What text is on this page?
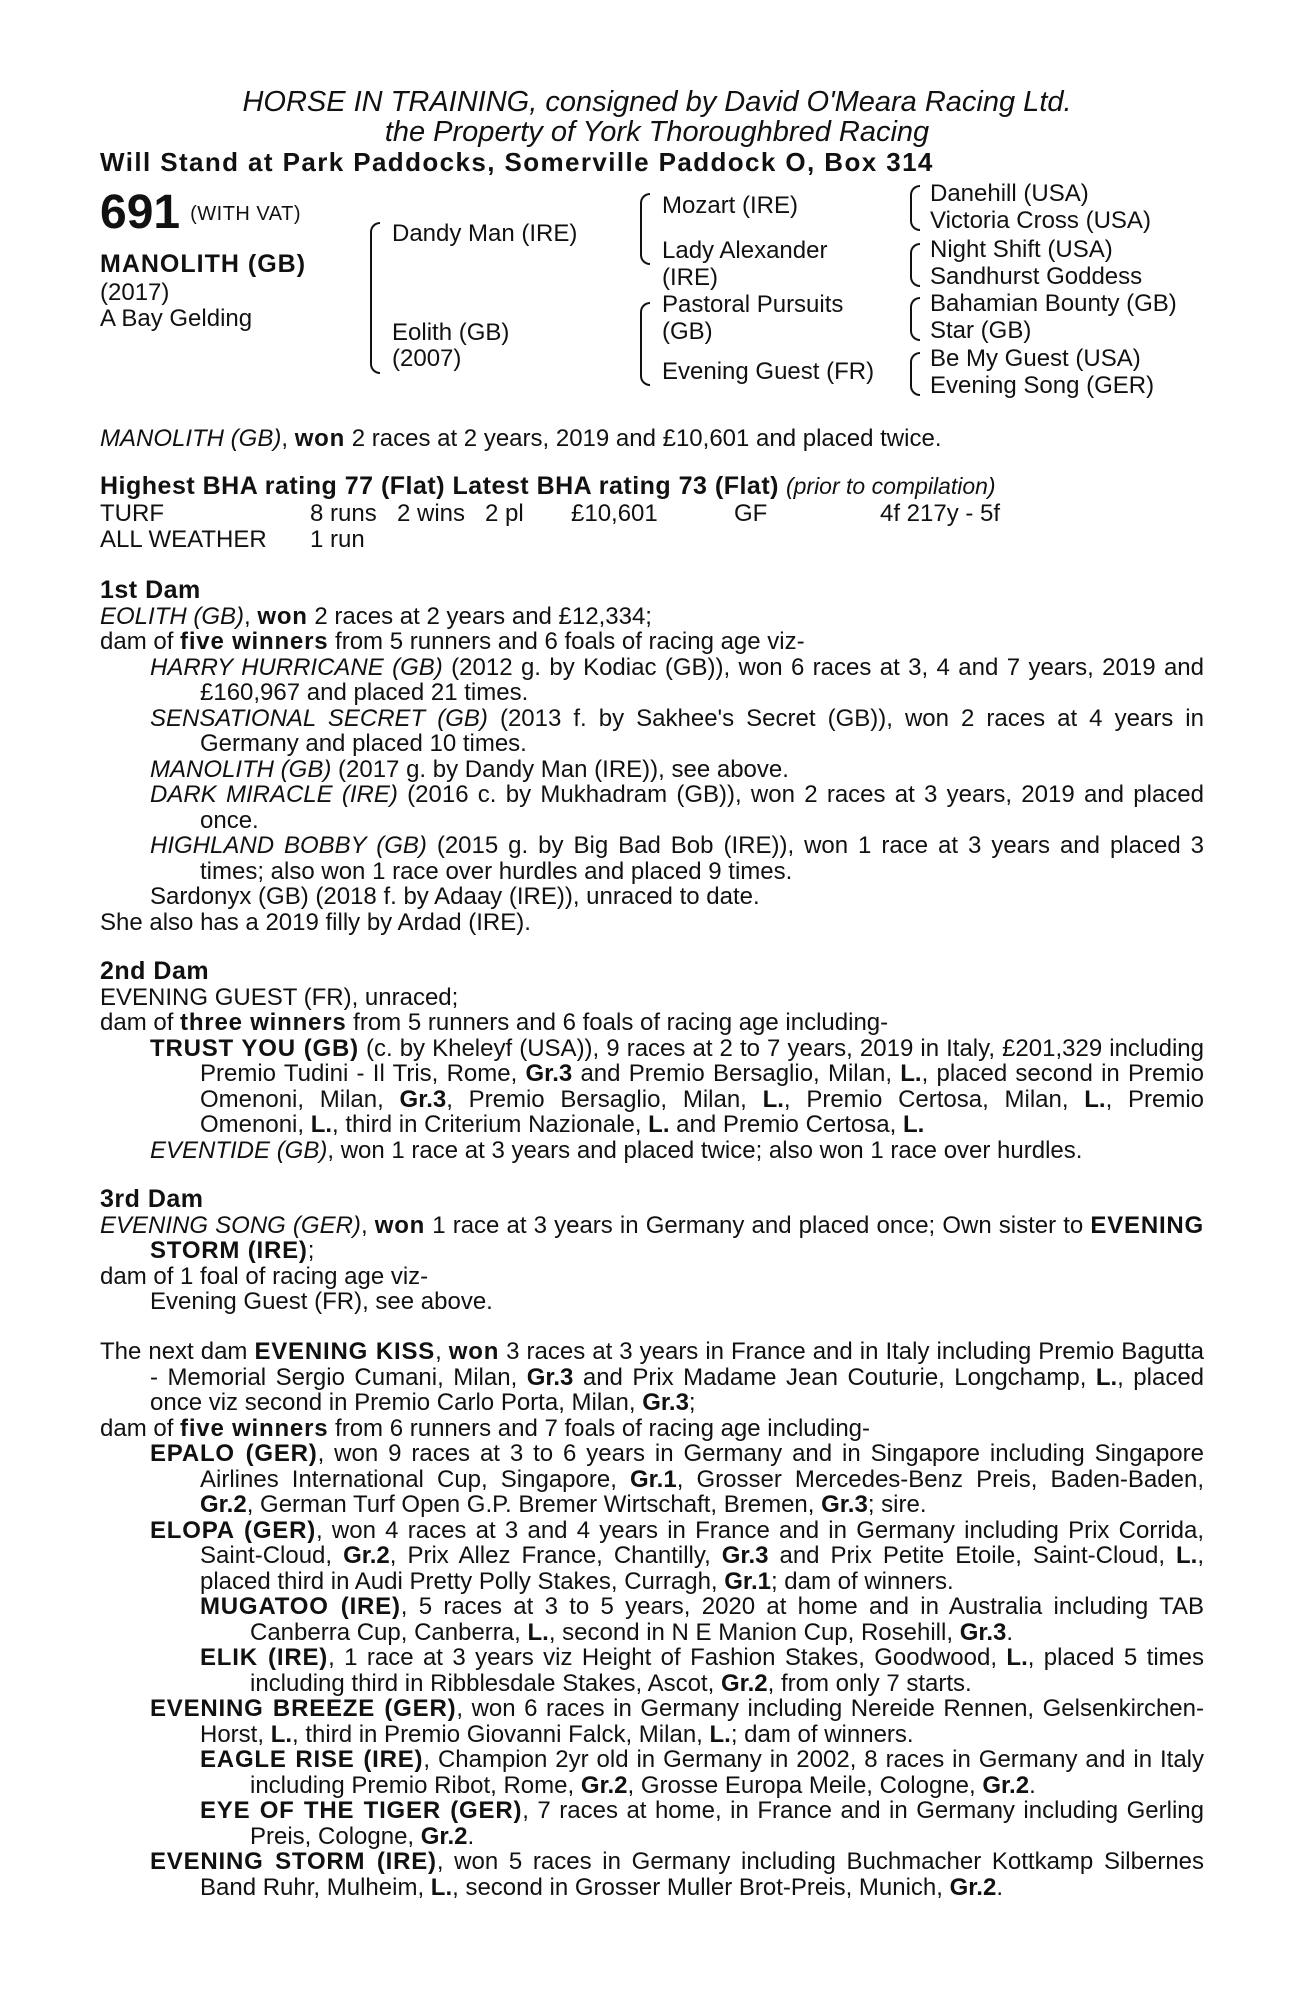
HORSE IN TRAINING, consigned by David O'Meara Racing Ltd.
the Property of York Thoroughbred Racing
Will Stand at Park Paddocks, Somerville Paddock O, Box 314
691 (WITH VAT)
MANOLITH (GB)
(2017)
A Bay Gelding
Dandy Man (IRE)
Eolith (GB)
(2007)
Mozart (IRE)
Lady Alexander
(IRE)
Pastoral Pursuits
(GB)
Evening Guest (FR)
Danehill (USA)
Victoria Cross (USA)
Night Shift (USA)
Sandhurst Goddess
Bahamian Bounty (GB)
Star (GB)
Be My Guest (USA)
Evening Song (GER)
MANOLITH (GB), won 2 races at 2 years, 2019 and £10,601 and placed twice.
Highest BHA rating 77 (Flat) Latest BHA rating 73 (Flat) (prior to compilation)
TURF	8 runs 2 wins 2 pl £10,601	GF	4f 217y - 5f
ALL WEATHER 1 run

1st Dam

EOLITH (GB), won 2 races at 2 years and £12,334;

dam of five winners from 5 runners and 6 foals of racing age viz-

HARRY HURRICANE (GB) (2012 g. by Kodiac (GB)), won 6 races at 3, 4 and 7 years, 2019 and £160,967 and placed 21 times.

SENSATIONAL SECRET (GB) (2013 f. by Sakhee's Secret (GB)), won 2 races at 4 years in Germany and placed 10 times.

MANOLITH (GB) (2017 g. by Dandy Man (IRE)), see above.

DARK MIRACLE (IRE) (2016 c. by Mukhadram (GB)), won 2 races at 3 years, 2019 and placed once.

HIGHLAND BOBBY (GB) (2015 g. by Big Bad Bob (IRE)), won 1 race at 3 years and placed 3 times; also won 1 race over hurdles and placed 9 times.

Sardonyx (GB) (2018 f. by Adaay (IRE)), unraced to date.

She also has a 2019 filly by Ardad (IRE).

2nd Dam

EVENING GUEST (FR), unraced;

dam of three winners from 5 runners and 6 foals of racing age including-

TRUST YOU (GB) (c. by Kheleyf (USA)), 9 races at 2 to 7 years, 2019 in Italy, £201,329 including Premio Tudini - Il Tris, Rome, Gr.3 and Premio Bersaglio, Milan, L., placed second in Premio Omenoni, Milan, Gr.3, Premio Bersaglio, Milan, L., Premio Certosa, Milan, L., Premio Omenoni, L., third in Criterium Nazionale, L. and Premio Certosa, L.

EVENTIDE (GB), won 1 race at 3 years and placed twice; also won 1 race over hurdles.

3rd Dam

EVENING SONG (GER), won 1 race at 3 years in Germany and placed once; Own sister to EVENING STORM (IRE);

dam of 1 foal of racing age viz-

Evening Guest (FR), see above.

The next dam EVENING KISS, won 3 races at 3 years in France and in Italy including Premio Bagutta - Memorial Sergio Cumani, Milan, Gr.3 and Prix Madame Jean Couturie, Longchamp, L., placed once viz second in Premio Carlo Porta, Milan, Gr.3;

dam of five winners from 6 runners and 7 foals of racing age including-

EPALO (GER), won 9 races at 3 to 6 years in Germany and in Singapore including Singapore Airlines International Cup, Singapore, Gr.1, Grosser Mercedes-Benz Preis, Baden-Baden, Gr.2, German Turf Open G.P. Bremer Wirtschaft, Bremen, Gr.3; sire.

ELOPA (GER), won 4 races at 3 and 4 years in France and in Germany including Prix Corrida, Saint-Cloud, Gr.2, Prix Allez France, Chantilly, Gr.3 and Prix Petite Etoile, Saint-Cloud, L., placed third in Audi Pretty Polly Stakes, Curragh, Gr.1; dam of winners.

MUGATOO (IRE), 5 races at 3 to 5 years, 2020 at home and in Australia including TAB Canberra Cup, Canberra, L., second in N E Manion Cup, Rosehill, Gr.3.

ELIK (IRE), 1 race at 3 years viz Height of Fashion Stakes, Goodwood, L., placed 5 times including third in Ribblesdale Stakes, Ascot, Gr.2, from only 7 starts.

EVENING BREEZE (GER), won 6 races in Germany including Nereide Rennen, Gelsenkirchen-Horst, L., third in Premio Giovanni Falck, Milan, L.; dam of winners.

EAGLE RISE (IRE), Champion 2yr old in Germany in 2002, 8 races in Germany and in Italy including Premio Ribot, Rome, Gr.2, Grosse Europa Meile, Cologne, Gr.2.

EYE OF THE TIGER (GER), 7 races at home, in France and in Germany including Gerling Preis, Cologne, Gr.2.

EVENING STORM (IRE), won 5 races in Germany including Buchmacher Kottkamp Silbernes Band Ruhr, Mulheim, L., second in Grosser Muller Brot-Preis, Munich, Gr.2.
